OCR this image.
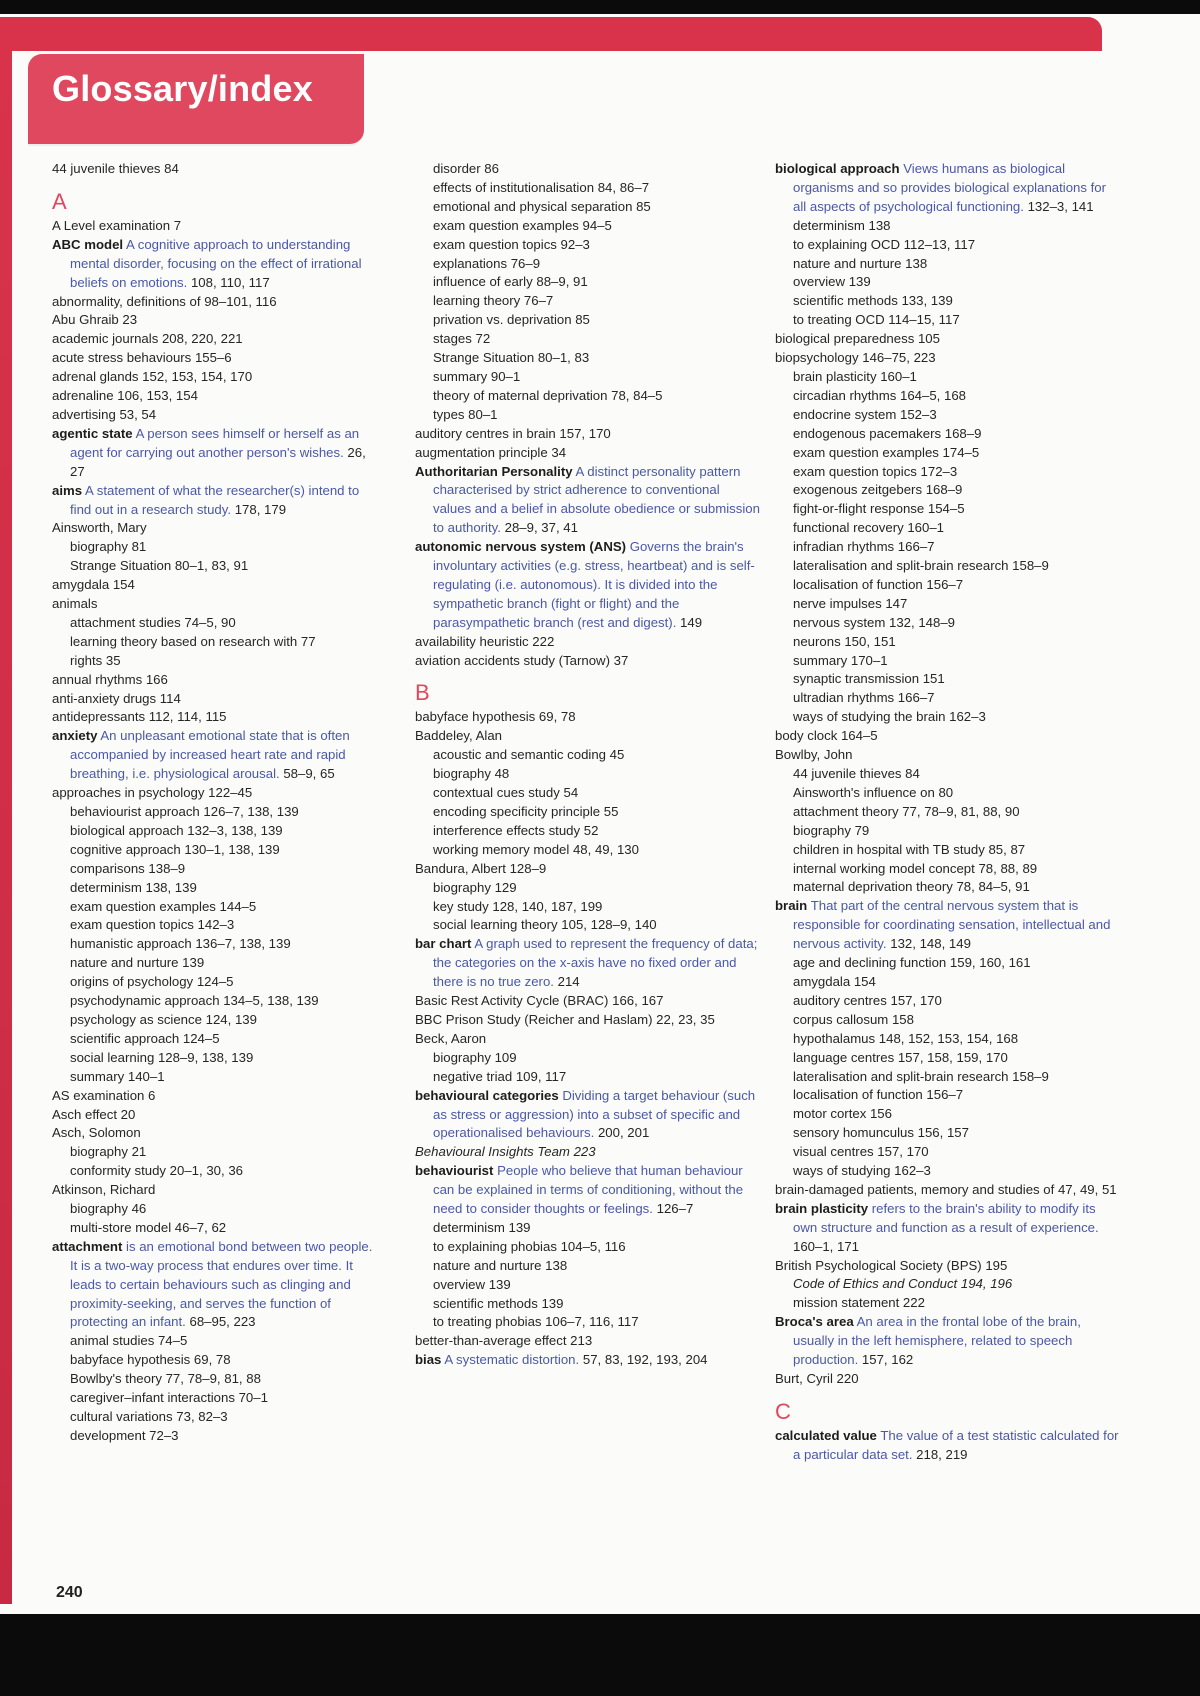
Glossary/index
44 juvenile thieves 84
A
A Level examination 7
ABC model A cognitive approach to understanding mental disorder, focusing on the effect of irrational beliefs on emotions. 108, 110, 117
abnormality, definitions of 98–101, 116
Abu Ghraib 23
academic journals 208, 220, 221
acute stress behaviours 155–6
adrenal glands 152, 153, 154, 170
adrenaline 106, 153, 154
advertising 53, 54
agentic state A person sees himself or herself as an agent for carrying out another person's wishes. 26, 27
aims A statement of what the researcher(s) intend to find out in a research study. 178, 179
Ainsworth, Mary
biography 81
Strange Situation 80–1, 83, 91
amygdala 154
animals
attachment studies 74–5, 90
learning theory based on research with 77
rights 35
annual rhythms 166
anti-anxiety drugs 114
antidepressants 112, 114, 115
anxiety An unpleasant emotional state that is often accompanied by increased heart rate and rapid breathing, i.e. physiological arousal. 58–9, 65
approaches in psychology 122–45
behaviourist approach 126–7, 138, 139
biological approach 132–3, 138, 139
cognitive approach 130–1, 138, 139
comparisons 138–9
determinism 138, 139
exam question examples 144–5
exam question topics 142–3
humanistic approach 136–7, 138, 139
nature and nurture 139
origins of psychology 124–5
psychodynamic approach 134–5, 138, 139
psychology as science 124, 139
scientific approach 124–5
social learning 128–9, 138, 139
summary 140–1
AS examination 6
Asch effect 20
Asch, Solomon
biography 21
conformity study 20–1, 30, 36
Atkinson, Richard
biography 46
multi-store model 46–7, 62
attachment is an emotional bond between two people. It is a two-way process that endures over time. It leads to certain behaviours such as clinging and proximity-seeking, and serves the function of protecting an infant. 68–95, 223
animal studies 74–5
babyface hypothesis 69, 78
Bowlby's theory 77, 78–9, 81, 88
caregiver–infant interactions 70–1
cultural variations 73, 82–3
development 72–3
disorder 86
effects of institutionalisation 84, 86–7
emotional and physical separation 85
exam question examples 94–5
exam question topics 92–3
explanations 76–9
influence of early 88–9, 91
learning theory 76–7
privation vs. deprivation 85
stages 72
Strange Situation 80–1, 83
summary 90–1
theory of maternal deprivation 78, 84–5
types 80–1
auditory centres in brain 157, 170
augmentation principle 34
Authoritarian Personality A distinct personality pattern characterised by strict adherence to conventional values and a belief in absolute obedience or submission to authority. 28–9, 37, 41
autonomic nervous system (ANS) Governs the brain's involuntary activities (e.g. stress, heartbeat) and is self-regulating (i.e. autonomous). It is divided into the sympathetic branch (fight or flight) and the parasympathetic branch (rest and digest). 149
availability heuristic 222
aviation accidents study (Tarnow) 37
B
babyface hypothesis 69, 78
Baddeley, Alan
acoustic and semantic coding 45
biography 48
contextual cues study 54
encoding specificity principle 55
interference effects study 52
working memory model 48, 49, 130
Bandura, Albert 128–9
biography 129
key study 128, 140, 187, 199
social learning theory 105, 128–9, 140
bar chart A graph used to represent the frequency of data; the categories on the x-axis have no fixed order and there is no true zero. 214
Basic Rest Activity Cycle (BRAC) 166, 167
BBC Prison Study (Reicher and Haslam) 22, 23, 35
Beck, Aaron
biography 109
negative triad 109, 117
behavioural categories Dividing a target behaviour (such as stress or aggression) into a subset of specific and operationalised behaviours. 200, 201
Behavioural Insights Team 223
behaviourist People who believe that human behaviour can be explained in terms of conditioning, without the need to consider thoughts or feelings. 126–7
determinism 139
to explaining phobias 104–5, 116
nature and nurture 138
overview 139
scientific methods 139
to treating phobias 106–7, 116, 117
better-than-average effect 213
bias A systematic distortion. 57, 83, 192, 193, 204
biological approach Views humans as biological organisms and so provides biological explanations for all aspects of psychological functioning. 132–3, 141
determinism 138
to explaining OCD 112–13, 117
nature and nurture 138
overview 139
scientific methods 133, 139
to treating OCD 114–15, 117
biological preparedness 105
biopsychology 146–75, 223
brain plasticity 160–1
circadian rhythms 164–5, 168
endocrine system 152–3
endogenous pacemakers 168–9
exam question examples 174–5
exam question topics 172–3
exogenous zeitgebers 168–9
fight-or-flight response 154–5
functional recovery 160–1
infradian rhythms 166–7
lateralisation and split-brain research 158–9
localisation of function 156–7
nerve impulses 147
nervous system 132, 148–9
neurons 150, 151
summary 170–1
synaptic transmission 151
ultradian rhythms 166–7
ways of studying the brain 162–3
body clock 164–5
Bowlby, John
44 juvenile thieves 84
Ainsworth's influence on 80
attachment theory 77, 78–9, 81, 88, 90
biography 79
children in hospital with TB study 85, 87
internal working model concept 78, 88, 89
maternal deprivation theory 78, 84–5, 91
brain That part of the central nervous system that is responsible for coordinating sensation, intellectual and nervous activity. 132, 148, 149
age and declining function 159, 160, 161
amygdala 154
auditory centres 157, 170
corpus callosum 158
hypothalamus 148, 152, 153, 154, 168
language centres 157, 158, 159, 170
lateralisation and split-brain research 158–9
localisation of function 156–7
motor cortex 156
sensory homunculus 156, 157
visual centres 157, 170
ways of studying 162–3
brain-damaged patients, memory and studies of 47, 49, 51
brain plasticity refers to the brain's ability to modify its own structure and function as a result of experience. 160–1, 171
British Psychological Society (BPS) 195
Code of Ethics and Conduct 194, 196
mission statement 222
Broca's area An area in the frontal lobe of the brain, usually in the left hemisphere, related to speech production. 157, 162
Burt, Cyril 220
C
calculated value The value of a test statistic calculated for a particular data set. 218, 219
240
